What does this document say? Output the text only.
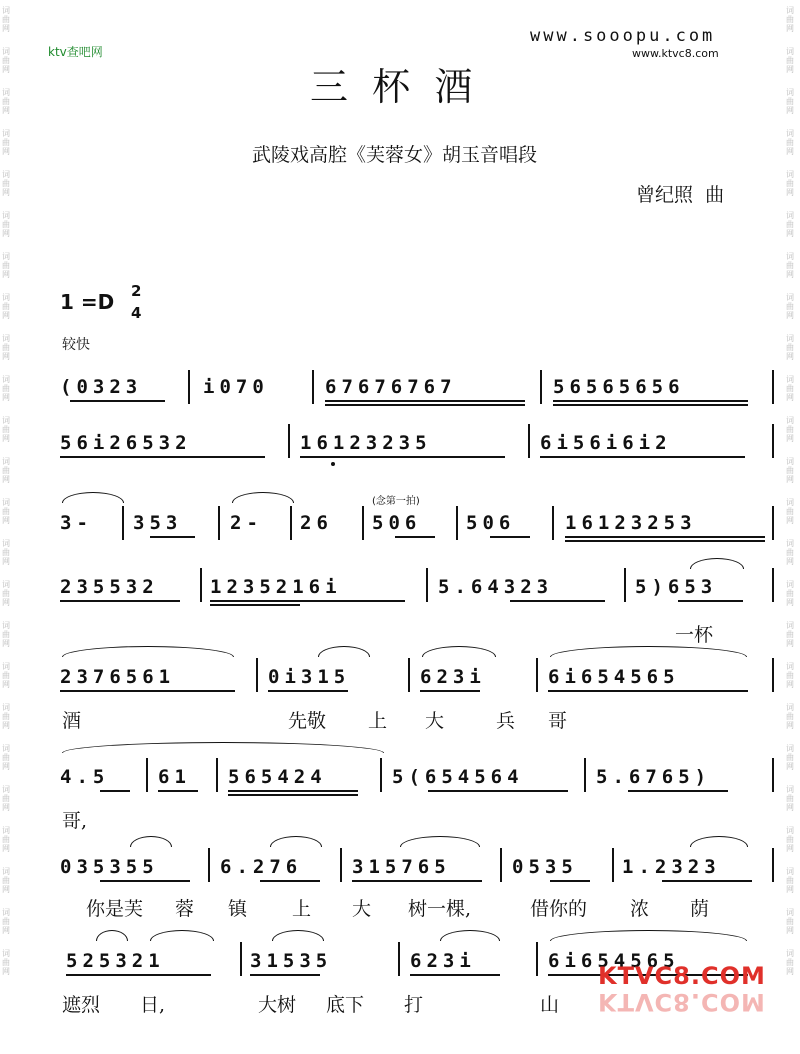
词曲网
词曲网
词曲网
词曲网
词曲网
词曲网
词曲网
词曲网
词曲网
词曲网
词曲网
词曲网
词曲网
词曲网
词曲网
词曲网
词曲网
词曲网
词曲网
词曲网
词曲网
词曲网
词曲网
词曲网
词曲网
词曲网
词曲网
词曲网
词曲网
词曲网
词曲网
词曲网
词曲网
词曲网
词曲网
词曲网
词曲网
词曲网
词曲网
词曲网
词曲网
词曲网
词曲网
词曲网
词曲网
词曲网
词曲网
词曲网
www.sooopu.com
www.ktvc8.com
ktv查吧网
三  杯  酒
武陵戏高腔《芙蓉女》胡玉音唱段
曾纪照  曲
1 =D 2
4
较快
(0323	i070	67676767	56565656
56i26532	16123235	6i56i6i2
3- 353	2- 26 506 506	16123253
(念第一拍)
235532	1235216i	5.64323	5)653
一杯
2376561	0i315	623i	6i654565
酒	先敬 上 大	兵 哥
4.5	61 565424	5(654564	5.6765)
哥,
035355	6.276	315765	0535 1.2323
你是芙 蓉 镇 上 大 树一棵,	借你的 浓 荫
525321	31535	623i	6i654565
遮烈 日,	大树 底下 打	山
KTVC8.COM
KTVC8.COM
